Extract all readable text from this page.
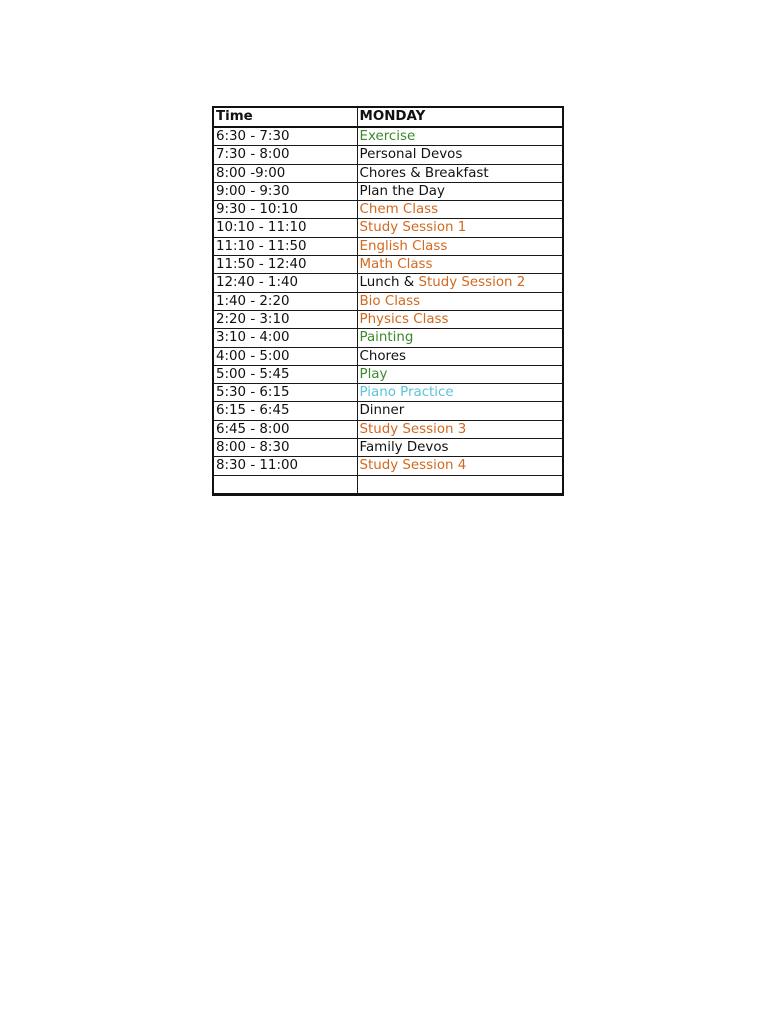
Time	MONDAY
6:30 - 7:30	Exercise
7:30 - 8:00	Personal Devos
8:00 -9:00	Chores & Breakfast
9:00 - 9:30	Plan the Day
9:30 - 10:10	Chem Class
10:10 - 11:10	Study Session 1
11:10 - 11:50	English Class
11:50 - 12:40	Math Class
12:40 - 1:40	Lunch & Study Session 2
1:40 - 2:20	Bio Class
2:20 - 3:10	Physics Class
3:10 - 4:00	Painting
4:00 - 5:00	Chores
5:00 - 5:45	Play
5:30 - 6:15	Piano Practice
6:15 - 6:45	Dinner
6:45 - 8:00	Study Session 3
8:00 - 8:30	Family Devos
8:30 - 11:00	Study Session 4
